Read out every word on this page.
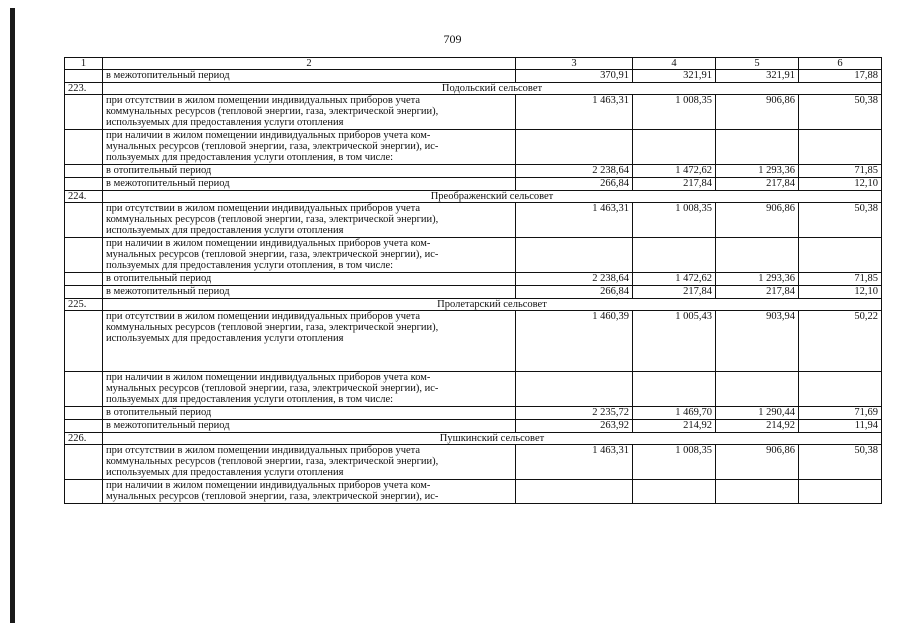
709
1	2	3	4	5	6

	в межотопительный период	370,91	321,91	321,91	17,88
223.	Подольский сельсовет				

	при отсутствии в жилом помещении индивидуальных приборов учета
коммунальных ресурсов (тепловой энергии, газа, электрической энергии),
используемых для предоставления услуги отопления	1 463,31	1 008,35	906,86	50,38

	при наличии в жилом помещении индивидуальных приборов учета ком-
мунальных ресурсов (тепловой энергии, газа, электрической энергии), ис-
пользуемых для предоставления услуги отопления, в том числе:				

	в отопительный период	2 238,64	1 472,62	1 293,36	71,85

	в межотопительный период	266,84	217,84	217,84	12,10
224.	Преображенский сельсовет				

	при отсутствии в жилом помещении индивидуальных приборов учета
коммунальных ресурсов (тепловой энергии, газа, электрической энергии),
используемых для предоставления услуги отопления	1 463,31	1 008,35	906,86	50,38

	при наличии в жилом помещении индивидуальных приборов учета ком-
мунальных ресурсов (тепловой энергии, газа, электрической энергии), ис-
пользуемых для предоставления услуги отопления, в том числе:				

	в отопительный период	2 238,64	1 472,62	1 293,36	71,85

	в межотопительный период	266,84	217,84	217,84	12,10
225.	Пролетарский сельсовет				

	при отсутствии в жилом помещении индивидуальных приборов учета
коммунальных ресурсов (тепловой энергии, газа, электрической энергии),
используемых для предоставления услуги отопления	1 460,39	1 005,43	903,94	50,22

	при наличии в жилом помещении индивидуальных приборов учета ком-
мунальных ресурсов (тепловой энергии, газа, электрической энергии), ис-
пользуемых для предоставления услуги отопления, в том числе:				

	в отопительный период	2 235,72	1 469,70	1 290,44	71,69

	в межотопительный период	263,92	214,92	214,92	11,94
226.	Пушкинский сельсовет				

	при отсутствии в жилом помещении индивидуальных приборов учета
коммунальных ресурсов (тепловой энергии, газа, электрической энергии),
используемых для предоставления услуги отопления	1 463,31	1 008,35	906,86	50,38

	при наличии в жилом помещении индивидуальных приборов учета ком-
мунальных ресурсов (тепловой энергии, газа, электрической энергии), ис-				
